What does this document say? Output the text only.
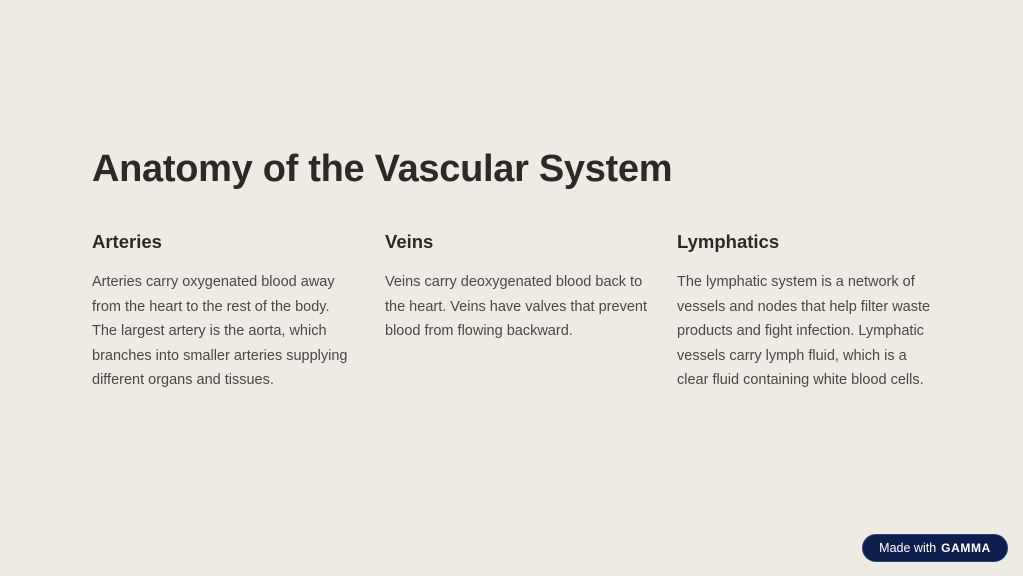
Anatomy of the Vascular System
Arteries

Arteries carry oxygenated blood away from the heart to the rest of the body. The largest artery is the aorta, which branches into smaller arteries supplying different organs and tissues.

Veins

Veins carry deoxygenated blood back to the heart. Veins have valves that prevent blood from flowing backward.

Lymphatics

The lymphatic system is a network of vessels and nodes that help filter waste products and fight infection. Lymphatic vessels carry lymph fluid, which is a clear fluid containing white blood cells.

Made with GAMMA
